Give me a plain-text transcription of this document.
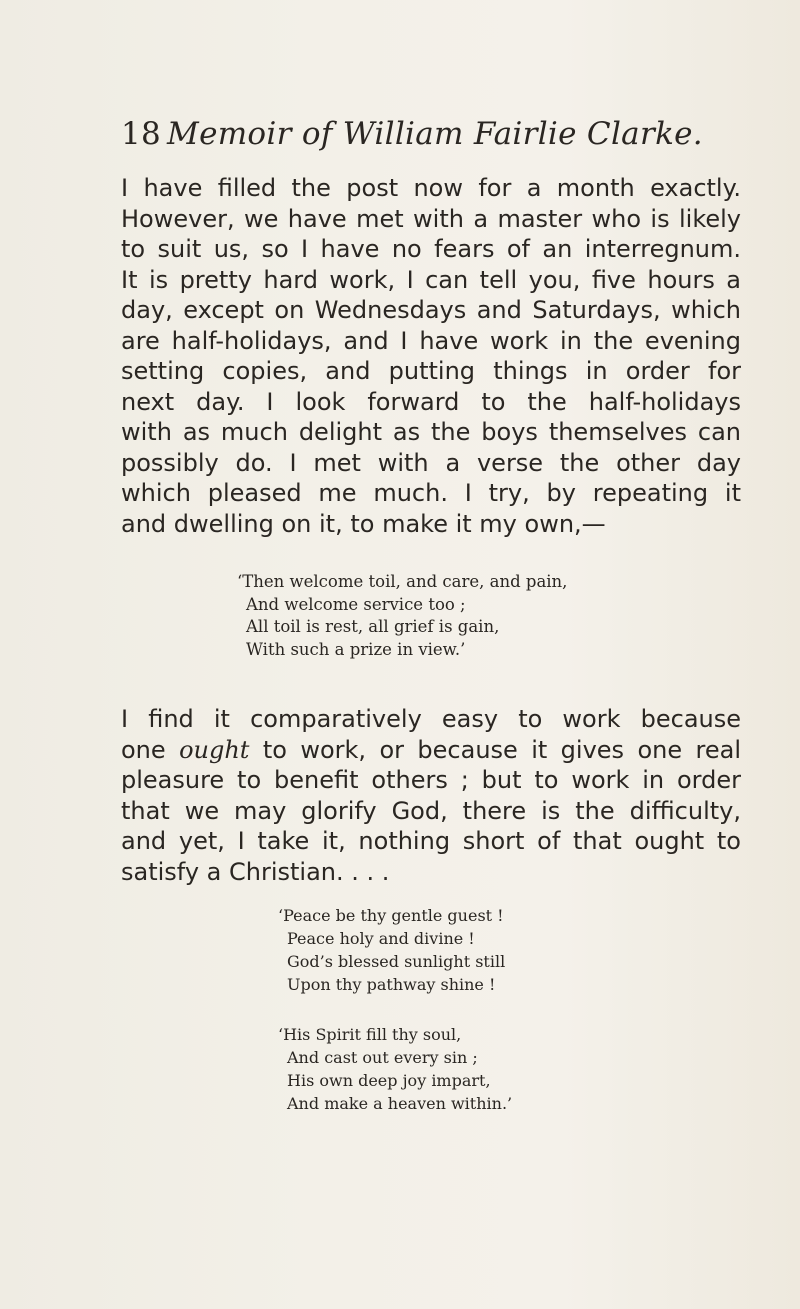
18 Memoir of William Fairlie Clarke.
I have filled the post now for a month exactly.
However, we have met with a master who is likely
to suit us, so I have no fears of an interregnum.
It is pretty hard work, I can tell you, five hours a
day, except on Wednesdays and Saturdays, which
are half-holidays, and I have work in the evening
setting copies, and putting things in order for
next day. I look forward to the half-holidays
with as much delight as the boys themselves can
possibly do. I met with a verse the other day
which pleased me much. I try, by repeating it
and dwelling on it, to make it my own,—
‘Then welcome toil, and care, and pain,
And welcome service too ;
All toil is rest, all grief is gain,
With such a prize in view.’
I find it comparatively easy to work because
one ought to work, or because it gives one real
pleasure to benefit others ; but to work in order
that we may glorify God, there is the difficulty,
and yet, I take it, nothing short of that ought to
satisfy a Christian. . . .
‘Peace be thy gentle guest !
Peace holy and divine !
God’s blessed sunlight still
Upon thy pathway shine !
‘His Spirit fill thy soul,
And cast out every sin ;
His own deep joy impart,
And make a heaven within.’
